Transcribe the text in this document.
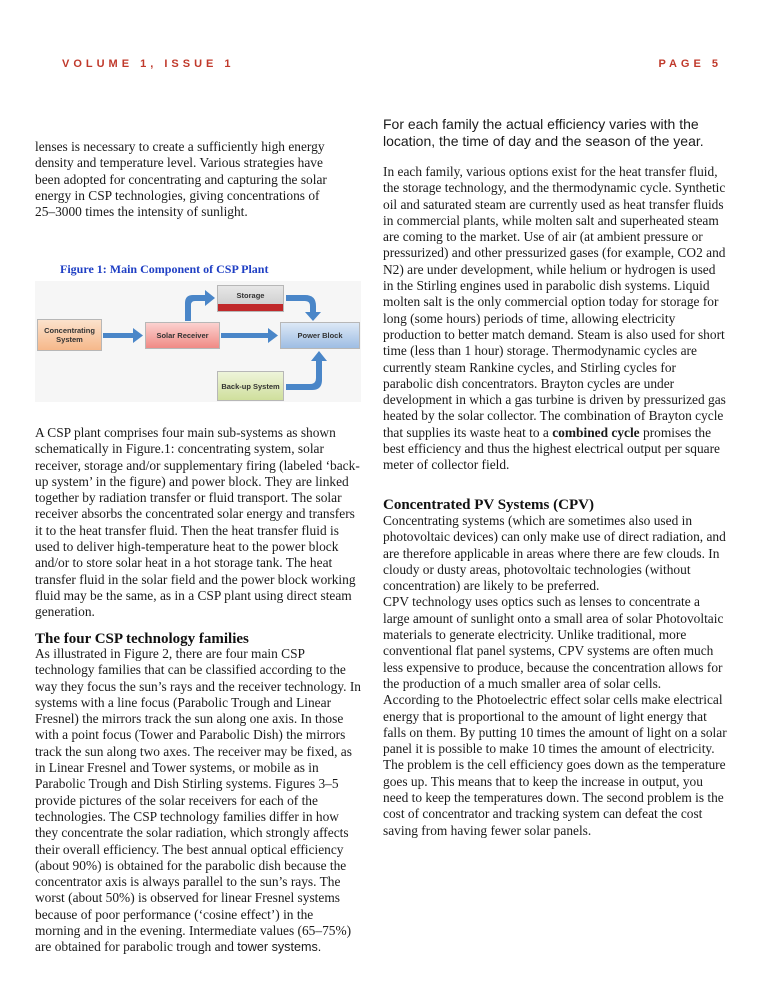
VOLUME 1, ISSUE 1	PAGE 5

lenses is necessary to create a sufficiently high energy density and temperature level. Various strategies have been adopted for concentrating and capturing the solar energy in CSP technologies, giving concentrations of 25–3000 times the intensity of sunlight.

Figure 1: Main Component of CSP Plant
Concentrating System	Solar Receiver
Storage
Power Block
Back-up System

A CSP plant comprises four main sub-systems as shown schematically in Figure.1: concentrating system, solar receiver, storage and/or supplementary firing (labeled ‘back-up system’ in the figure) and power block. They are linked together by radiation transfer or fluid transport. The solar receiver absorbs the concentrated solar energy and transfers it to the heat transfer fluid. Then the heat transfer fluid is used to deliver high-temperature heat to the power block and/or to store solar heat in a hot storage tank. The heat transfer fluid in the solar field and the power block working fluid may be the same, as in a CSP plant using direct steam generation.

The four CSP technology families

As illustrated in Figure 2, there are four main CSP technology families that can be classified according to the way they focus the sun’s rays and the receiver technology. In systems with a line focus (Parabolic Trough and Linear Fresnel) the mirrors track the sun along one axis. In those with a point focus (Tower and Parabolic Dish) the mirrors track the sun along two axes. The receiver may be fixed, as in Linear Fresnel and Tower systems, or mobile as in Parabolic Trough and Dish Stirling systems. Figures 3–5 provide pictures of the solar receivers for each of the technologies. The CSP technology families differ in how they concentrate the solar radiation, which strongly affects their overall efficiency. The best annual optical efficiency (about 90%) is obtained for the parabolic dish because the concentrator axis is always parallel to the sun’s rays. The worst (about 50%) is observed for linear Fresnel systems because of poor performance (‘cosine effect’) in the morning and in the evening. Intermediate values (65–75%) are obtained for parabolic trough and tower systems.

For each family the actual efficiency varies with the location, the time of day and the season of the year.

In each family, various options exist for the heat transfer fluid, the storage technology, and the thermodynamic cycle. Synthetic oil and saturated steam are currently used as heat transfer fluids in commercial plants, while molten salt and superheated steam are coming to the market. Use of air (at ambient pressure or pressurized) and other pressurized gases (for example, CO2 and N2) are under development, while helium or hydrogen is used in the Stirling engines used in parabolic dish systems. Liquid molten salt is the only commercial option today for storage for long (some hours) periods of time, allowing electricity production to better match demand. Steam is also used for short time (less than 1 hour) storage. Thermodynamic cycles are currently steam Rankine cycles, and Stirling cycles for parabolic dish concentrators. Brayton cycles are under development in which a gas turbine is driven by pressurized gas heated by the solar collector. The combination of Brayton cycle that supplies its waste heat to a combined cycle promises the best efficiency and thus the highest electrical output per square meter of collector field.

Concentrated PV Systems (CPV)

Concentrating systems (which are sometimes also used in photovoltaic devices) can only make use of direct radiation, and are therefore applicable in areas where there are few clouds. In cloudy or dusty areas, photovoltaic technologies (without concentration) are likely to be preferred.

CPV technology uses optics such as lenses to concentrate a large amount of sunlight onto a small area of solar Photovoltaic materials to generate electricity. Unlike traditional, more conventional flat panel systems, CPV systems are often much less expensive to produce, because the concentration allows for the production of a much smaller area of solar cells.

According to the Photoelectric effect solar cells make electrical energy that is proportional to the amount of light energy that falls on them. By putting 10 times the amount of light on a solar panel it is possible to make 10 times the amount of electricity. The problem is the cell efficiency goes down as the temperature goes up. This means that to keep the increase in output, you need to keep the temperatures down. The second problem is the cost of concentrator and tracking system can defeat the cost saving from having fewer solar panels.
